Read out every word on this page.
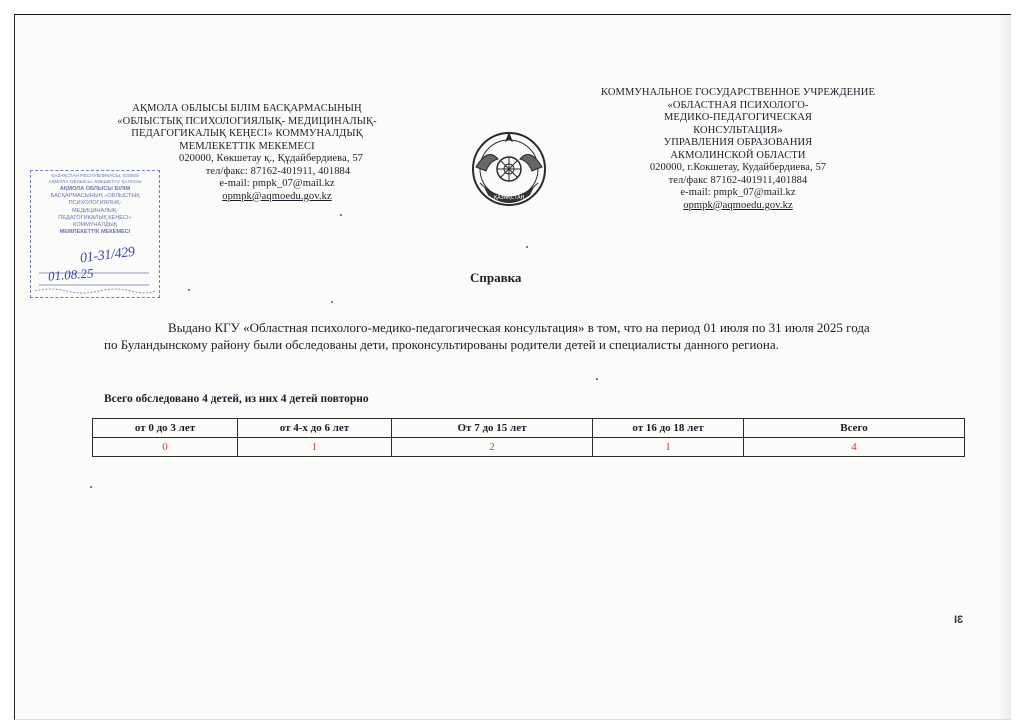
АҚМОЛА ОБЛЫСЫ БІЛІМ БАСҚАРМАСЫНЫҢ
«ОБЛЫСТЫҚ ПСИХОЛОГИЯЛЫҚ- МЕДИЦИНАЛЫҚ-
ПЕДАГОГИКАЛЫҚ КЕҢЕСІ» КОММУНАЛДЫҚ
МЕМЛЕКЕТТІК МЕКЕМЕСІ
020000, Көкшетау қ., Құдайбердиева, 57
тел/факс: 87162-401911, 401884
e-mail: pmpk_07@mail.kz
opmpk@aqmoedu.gov.kz
КОММУНАЛЬНОЕ ГОСУДАРСТВЕННОЕ УЧРЕЖДЕНИЕ
«ОБЛАСТНАЯ ПСИХОЛОГО-
МЕДИКО-ПЕДАГОГИЧЕСКАЯ
КОНСУЛЬТАЦИЯ»
УПРАВЛЕНИЯ ОБРАЗОВАНИЯ
АКМОЛИНСКОЙ ОБЛАСТИ
020000, г.Кокшетау, Кудайбердиева, 57
тел/факс 87162-401911,401884
e-mail: pmpk_07@mail.kz
opmpk@aqmoedu.gov.kz
ҚАЗАҚСТАН
ҚАЗАҚСТАН РЕСПУБЛИКАСЫ, 020000
АҚМОЛА ОБЛЫСЫ, КӨКШЕТАУ ҚАЛАСЫ
АҚМОЛА ОБЛЫСЫ БІЛІМ
БАСҚАРМАСЫНЫҢ «ОБЛЫСТЫҚ
ПСИХОЛОГИЯЛЫҚ-
МЕДИЦИНАЛЫҚ-
ПЕДАГОГИКАЛЫҚ КЕҢЕСІ»
КОММУНАЛДЫҚ
МЕМЛЕКЕТТІК МЕКЕМЕСІ
01-31/429
01.08.25	Справка
Выдано КГУ «Областная психолого-медико-педагогическая консультация» в том, что на период 01 июля по 31 июля 2025 года
по Буландынскому району были обследованы дети, проконсультированы родители детей и специалисты данного региона.
Всего обследовано 4 детей, из них 4 детей повторно
от 0 до 3 лет	от 4-х до 6 лет	От 7 до 15 лет	от 16 до 18 лет	Всего
0	1	2	1	4
3I
